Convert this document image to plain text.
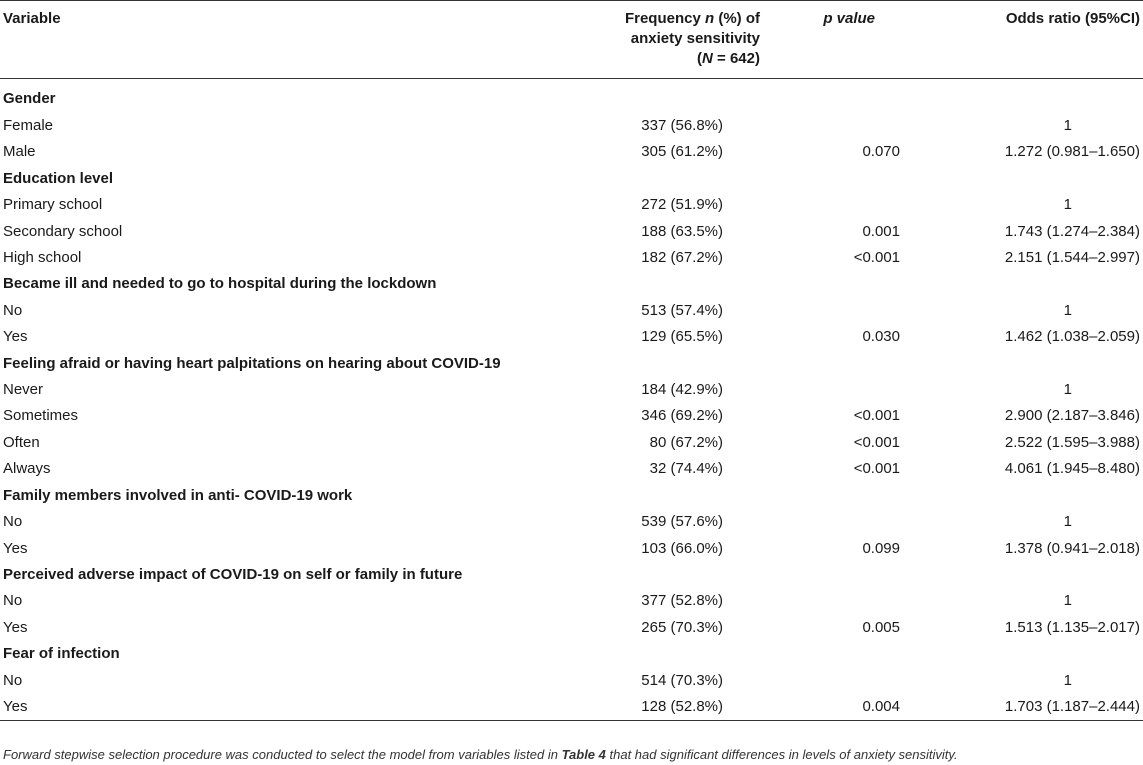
Variable	Frequency n (%) of
anxiety sensitivity
(N = 642)	p value	Odds ratio (95%CI)
Gender			
Female	337 (56.8%)		1
Male	305 (61.2%)	0.070	1.272 (0.981–1.650)
Education level			
Primary school	272 (51.9%)		1
Secondary school	188 (63.5%)	0.001	1.743 (1.274–2.384)
High school	182 (67.2%)	<0.001	2.151 (1.544–2.997)
Became ill and needed to go to hospital during the lockdown			
No	513 (57.4%)		1
Yes	129 (65.5%)	0.030	1.462 (1.038–2.059)
Feeling afraid or having heart palpitations on hearing about COVID-19			
Never	184 (42.9%)		1
Sometimes	346 (69.2%)	<0.001	2.900 (2.187–3.846)
Often	80 (67.2%)	<0.001	2.522 (1.595–3.988)
Always	32 (74.4%)	<0.001	4.061 (1.945–8.480)
Family members involved in anti- COVID-19 work			
No	539 (57.6%)		1
Yes	103 (66.0%)	0.099	1.378 (0.941–2.018)
Perceived adverse impact of COVID-19 on self or family in future			
No	377 (52.8%)		1
Yes	265 (70.3%)	0.005	1.513 (1.135–2.017)
Fear of infection			
No	514 (70.3%)		1
Yes	128 (52.8%)	0.004	1.703 (1.187–2.444)
Forward stepwise selection procedure was conducted to select the model from variables listed in Table 4 that had significant differences in levels of anxiety sensitivity.
